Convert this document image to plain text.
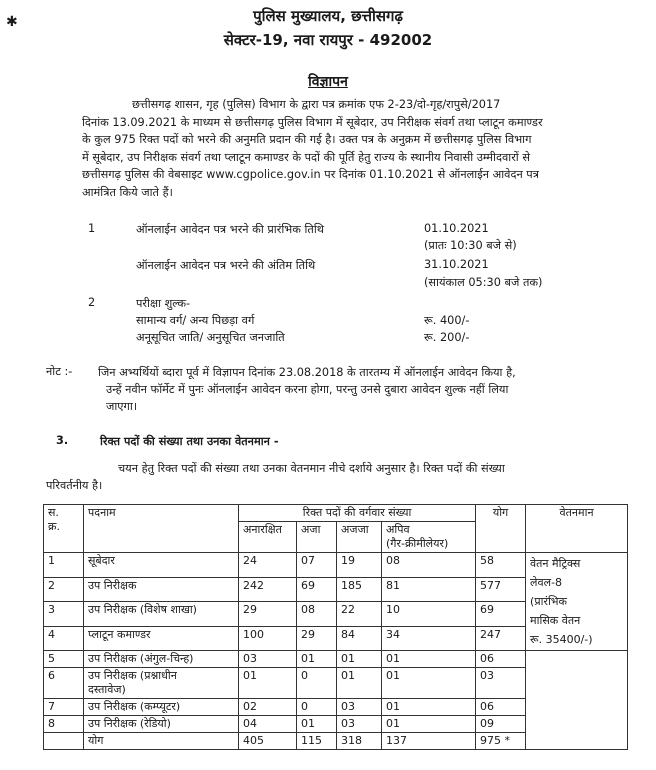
✱	पुलिस मुख्यालय, छत्तीसगढ़
सेक्टर-19, नवा रायपुर - 492002
विज्ञापन
छत्तीसगढ़ शासन, गृह (पुलिस) विभाग के द्वारा पत्र क्रमांक एफ 2-23/दो-गृह/रापुसे/2017
दिनांक 13.09.2021 के माध्यम से छत्तीसगढ़ पुलिस विभाग में सूबेदार, उप निरीक्षक संवर्ग तथा प्लाटून कमाण्डर
के कुल 975 रिक्त पदों को भरने की अनुमति प्रदान की गई है। उक्त पत्र के अनुक्रम में छत्तीसगढ़ पुलिस विभाग
में सूबेदार, उप निरीक्षक संवर्ग तथा प्लाटून कमाण्डर के पदों की पूर्ति हेतु राज्य के स्थानीय निवासी उम्मीदवारों से
छत्तीसगढ़ पुलिस की वेबसाइट www.cgpolice.gov.in पर दिनांक 01.10.2021 से ऑनलाईन आवेदन पत्र
आमंत्रित किये जाते हैं।
1	ऑनलाईन आवेदन पत्र भरने की प्रारंभिक तिथि	01.10.2021
(प्रातः 10:30 बजे से)
ऑनलाईन आवेदन पत्र भरने की अंतिम तिथि	31.10.2021
(सायंकाल 05:30 बजे तक)
2	परीक्षा शुल्क-
सामान्य वर्ग/ अन्य पिछड़ा वर्ग	रू. 400/-
अनूसूचित जाति/ अनुसूचित जनजाति	रू. 200/-
नोट :- जिन अभ्यर्थियों ब्दारा पूर्व में विज्ञापन दिनांक 23.08.2018 के तारतम्य में ऑनलाईन आवेदन किया है,
उन्हें नवीन फॉर्मेट में पुनः ऑनलाईन आवेदन करना होगा, परन्तु उनसे दुबारा आवेदन शुल्क नहीं लिया
जाएगा।
3.	रिक्त पदों की संख्या तथा उनका वेतनमान -
चयन हेतु रिक्त पदों की संख्या तथा उनका वेतनमान नीचे दर्शाये अनुसार है। रिक्त पदों की संख्या
परिवर्तनीय है।
स.
क्र.	पदनाम	रिक्त पदों की वर्गवार संख्या				योग	वेतनमान
		अनारक्षित	अजा	अजजा	अपिव
(गैर-क्रीमीलेयर)		
1	सूबेदार	24	07	19	08	58	वेतन मैट्रिक्स
लेवल-8
(प्रारंभिक
मासिक वेतन
रू. 35400/-)
2	उप निरीक्षक	242	69	185	81	577	
3	उप निरीक्षक (विशेष शाखा)	29	08	22	10	69	
4	प्लाटून कमाण्डर	100	29	84	34	247	
5	उप निरीक्षक (अंगुल-चिन्ह)	03	01	01	01	06	
6	उप निरीक्षक (प्रश्नाधीन
दस्तावेज)	01	0	01	01	03	
7	उप निरीक्षक (कम्प्यूटर)	02	0	03	01	06	
8	उप निरीक्षक (रेडियो)	04	01	03	01	09	
	योग	405	115	318	137	975 *	
